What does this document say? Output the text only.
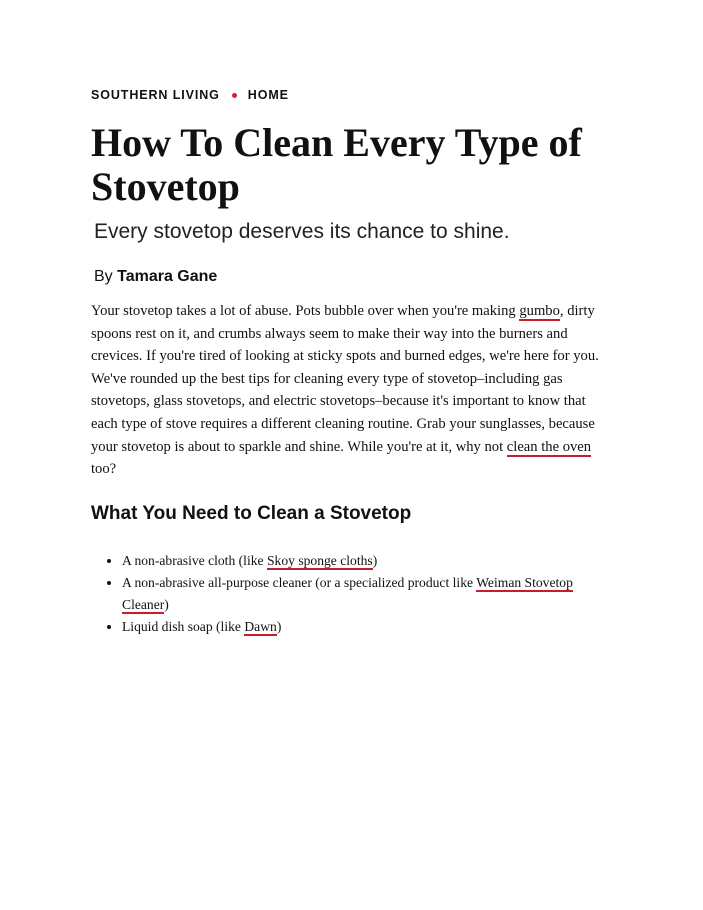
SOUTHERN LIVING HOME
How To Clean Every Type of Stovetop
Every stovetop deserves its chance to shine.
By Tamara Gane

Your stovetop takes a lot of abuse. Pots bubble over when you're making gumbo, dirty spoons rest on it, and crumbs always seem to make their way into the burners and crevices. If you're tired of looking at sticky spots and burned edges, we're here for you. We've rounded up the best tips for cleaning every type of stovetop–including gas stovetops, glass stovetops, and electric stovetops–because it's important to know that each type of stove requires a different cleaning routine. Grab your sunglasses, because your stovetop is about to sparkle and shine. While you're at it, why not clean the oven too?

What You Need to Clean a Stovetop
• A non-abrasive cloth (like Skoy sponge cloths)
• A non-abrasive all-purpose cleaner (or a specialized product like Weiman Stovetop Cleaner)
• Liquid dish soap (like Dawn)
